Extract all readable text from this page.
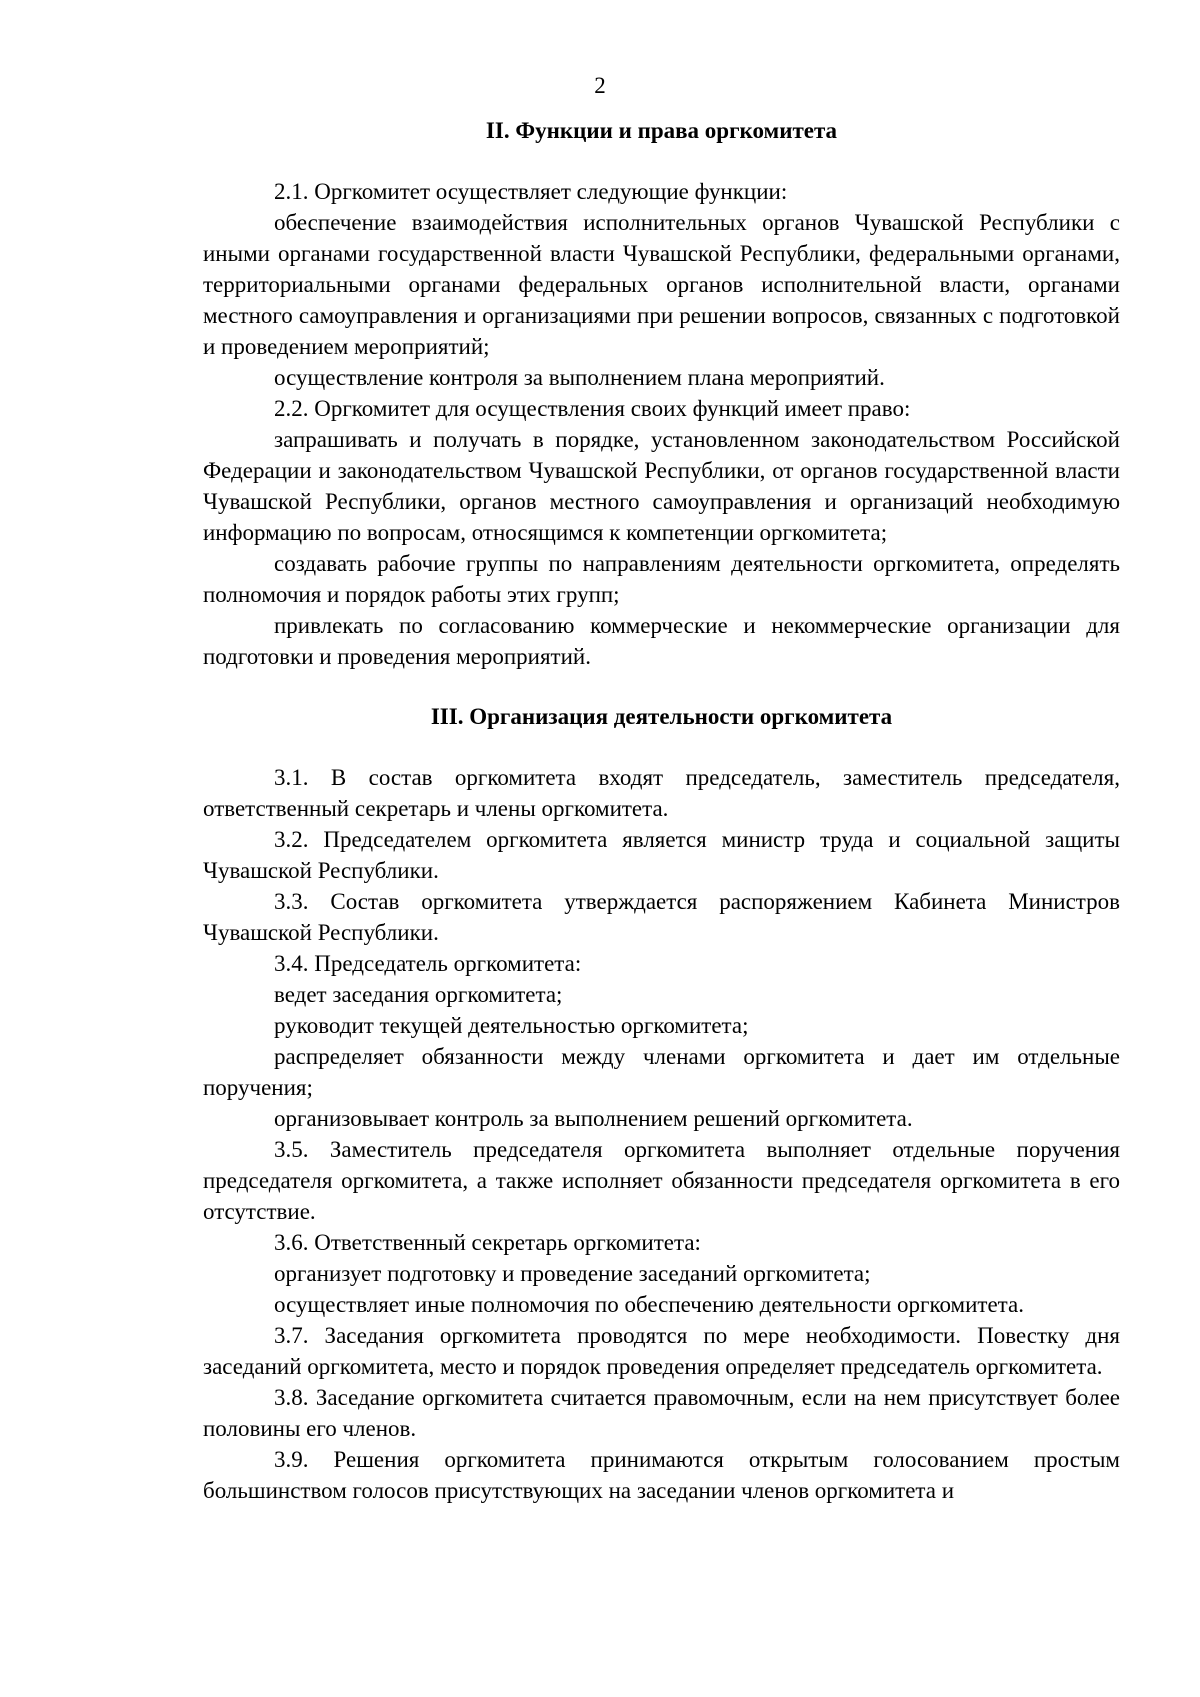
2
II. Функции и права оргкомитета

2.1. Оргкомитет осуществляет следующие функции:

обеспечение взаимодействия исполнительных органов Чувашской Республики с иными органами государственной власти Чувашской Республики, федеральными органами, территориальными органами федеральных органов исполнительной власти, органами местного самоуправления и организациями при решении вопросов, связанных с подготовкой и проведением мероприятий;

осуществление контроля за выполнением плана мероприятий.

2.2. Оргкомитет для осуществления своих функций имеет право:

запрашивать и получать в порядке, установленном законодательством Российской Федерации и законодательством Чувашской Республики, от органов государственной власти Чувашской Республики, органов местного самоуправления и организаций необходимую информацию по вопросам, относящимся к компетенции оргкомитета;

создавать рабочие группы по направлениям деятельности оргкомитета, определять полномочия и порядок работы этих групп;

привлекать по согласованию коммерческие и некоммерческие организации для подготовки и проведения мероприятий.

III. Организация деятельности оргкомитета

3.1. В состав оргкомитета входят председатель, заместитель председателя, ответственный секретарь и члены оргкомитета.

3.2. Председателем оргкомитета является министр труда и социальной защиты Чувашской Республики.

3.3. Состав оргкомитета утверждается распоряжением Кабинета Министров Чувашской Республики.

3.4. Председатель оргкомитета:

ведет заседания оргкомитета;

руководит текущей деятельностью оргкомитета;

распределяет обязанности между членами оргкомитета и дает им отдельные поручения;

организовывает контроль за выполнением решений оргкомитета.

3.5. Заместитель председателя оргкомитета выполняет отдельные поручения председателя оргкомитета, а также исполняет обязанности председателя оргкомитета в его отсутствие.

3.6. Ответственный секретарь оргкомитета:

организует подготовку и проведение заседаний оргкомитета;

осуществляет иные полномочия по обеспечению деятельности оргкомитета.

3.7. Заседания оргкомитета проводятся по мере необходимости. Повестку дня заседаний оргкомитета, место и порядок проведения определяет председатель оргкомитета.

3.8. Заседание оргкомитета считается правомочным, если на нем присутствует более половины его членов.

3.9. Решения оргкомитета принимаются открытым голосованием простым большинством голосов присутствующих на заседании членов оргкомитета и
